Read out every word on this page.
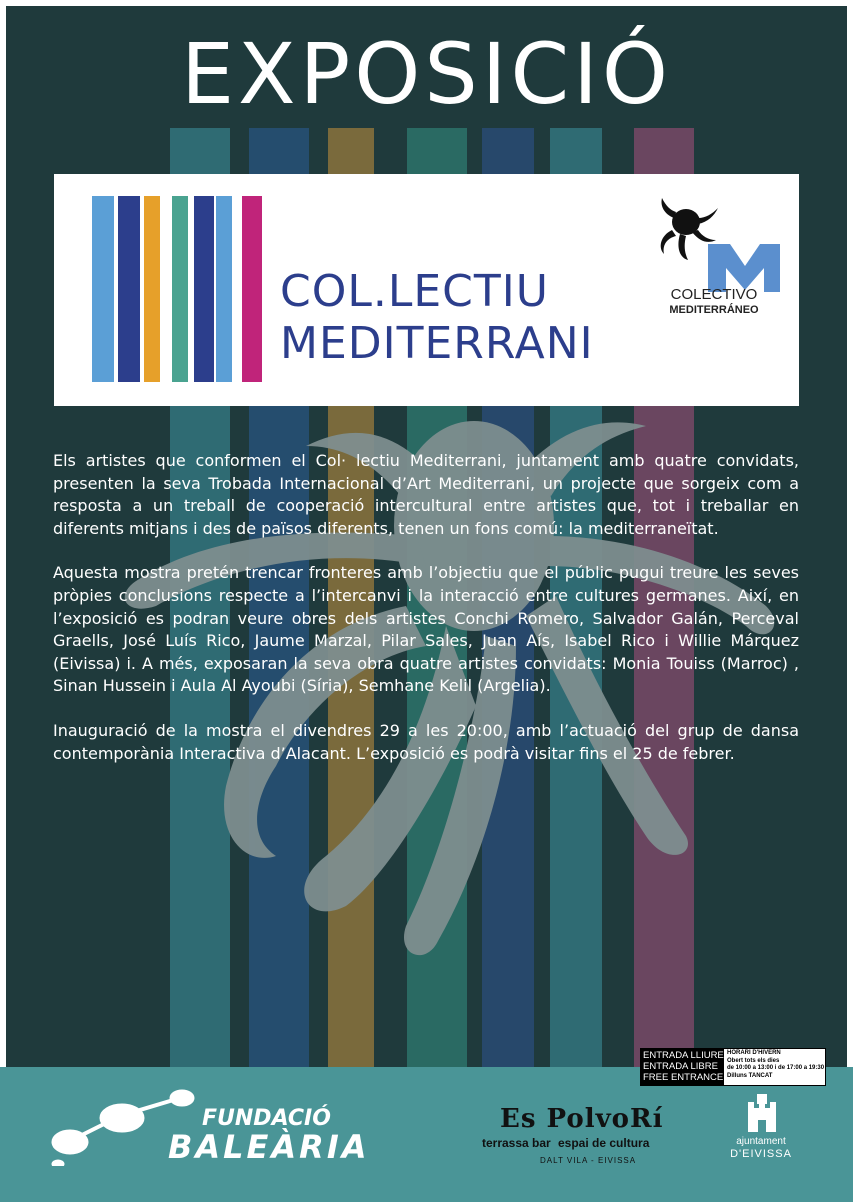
EXPOSICIÓ
COL.LECTIU
MEDITERRANI
COLECTIVO
MEDITERRÁNEO

Els artistes que conformen el Col· lectiu Mediterrani, juntament amb quatre convidats, presenten la seva Trobada Internacional d’Art Mediterrani, un projecte que sorgeix com a resposta a un treball de cooperació intercultural entre artistes que, tot i treballar en diferents mitjans i des de països diferents, tenen un fons comú: la mediterraneïtat.

Aquesta mostra pretén trencar fronteres amb l’objectiu que el públic pugui treure les seves pròpies conclusions respecte a l’intercanvi i la interacció entre cultures germanes. Així, en l’exposició es podran veure obres dels artistes Conchi Romero, Salvador Galán, Perceval Graells, José Luís Rico, Jaume Marzal, Pilar Sales, Juan Aís, Isabel Rico i Willie Márquez (Eivissa) i. A més, exposaran la seva obra quatre artistes convidats: Monia Touiss (Marroc) , Sinan Hussein i Aula Al Ayoubi (Síria), Semhane Kelil (Argelia).

Inauguració de la mostra el divendres 29 a les 20:00, amb l’actuació del grup de dansa contemporània Interactiva d’Alacant. L’exposició es podrà visitar fins el 25 de febrer.

ENTRADA LLIURE
ENTRADA LIBRE
FREE ENTRANCE
HORARI D'HIVERN
Obert tots els dies
de 10:00 a 13:00 i de 17:00 a 19:30
Dilluns TANCAT
FUNDACIÓ
BALEÀRIA
Es PolvoRí
terrassa bar espai de cultura
DALT VILA - EIVISSA
ajuntament
D'EIVISSA
